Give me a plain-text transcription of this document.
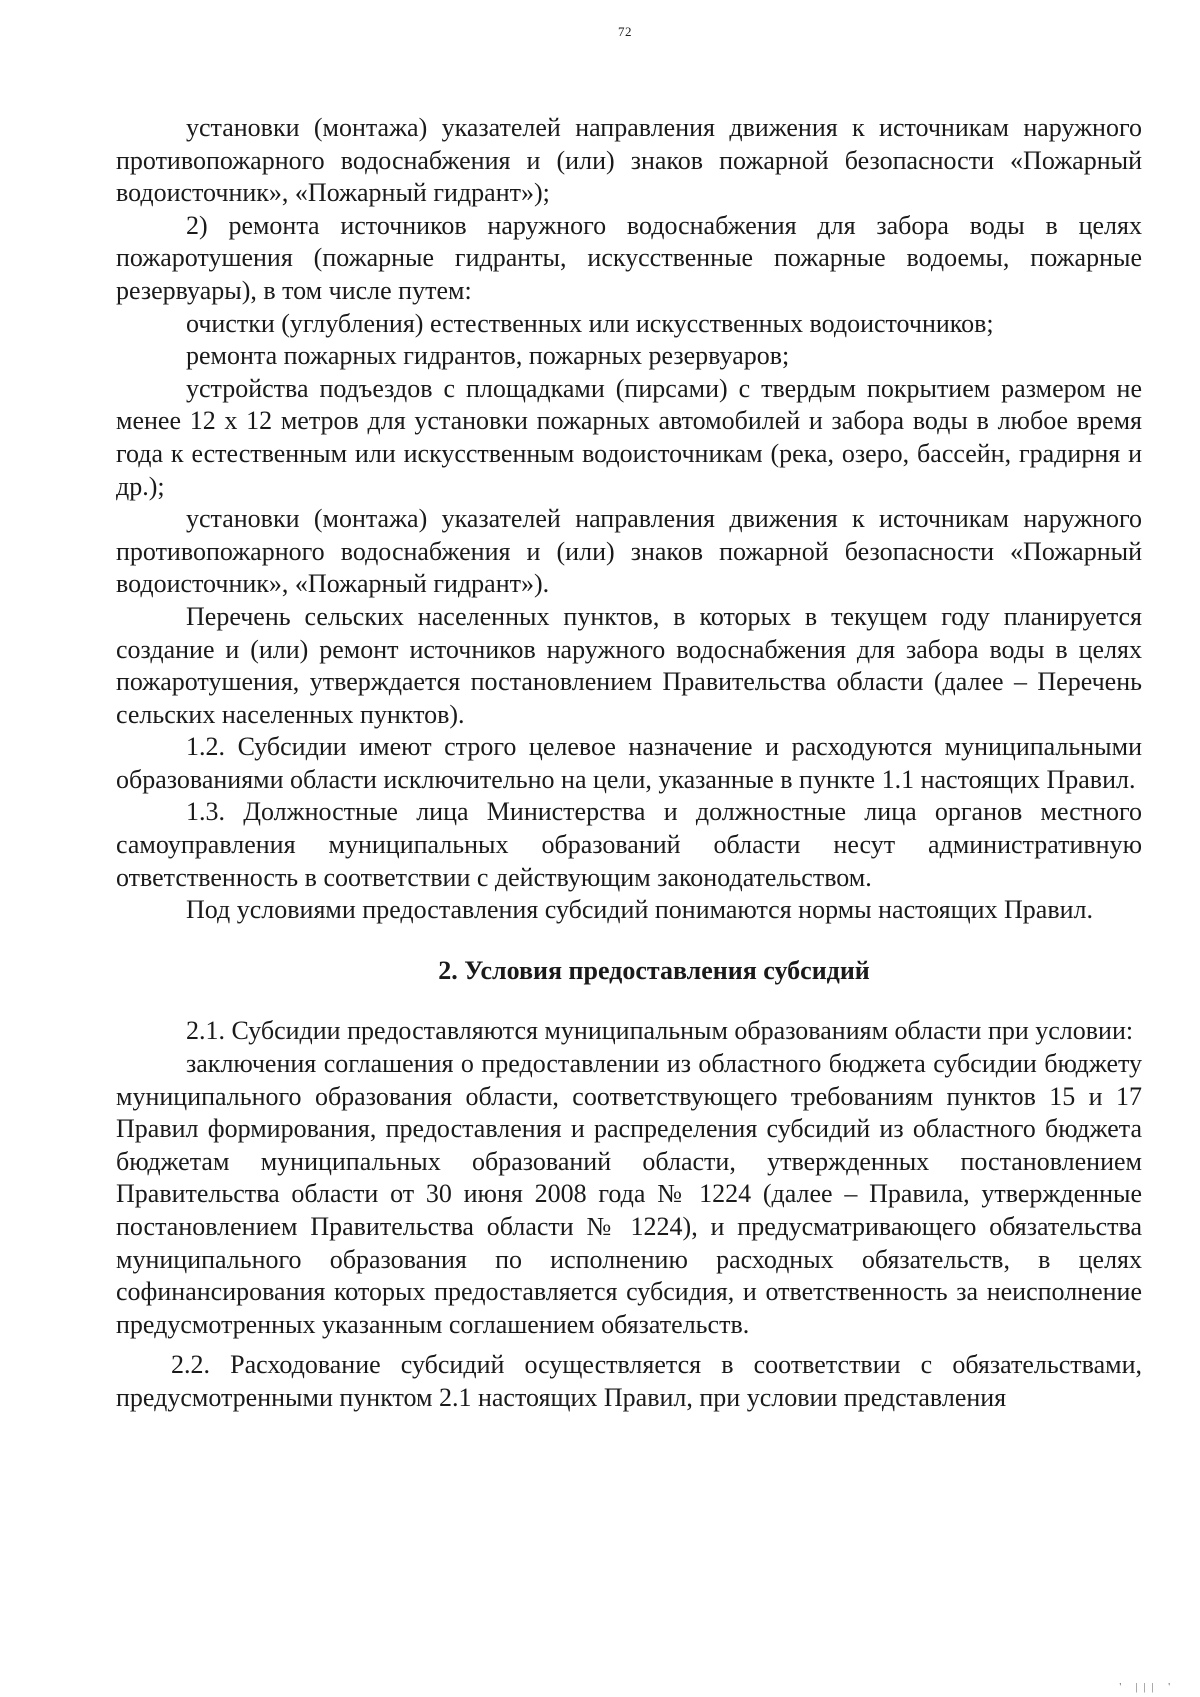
72

установки (монтажа) указателей направления движения к источникам наружного противопожарного водоснабжения и (или) знаков пожарной безопасности «Пожарный водоисточник», «Пожарный гидрант»);

2) ремонта источников наружного водоснабжения для забора воды в целях пожаротушения (пожарные гидранты, искусственные пожарные водоемы, пожарные резервуары), в том числе путем:

очистки (углубления) естественных или искусственных водоисточников;

ремонта пожарных гидрантов, пожарных резервуаров;

устройства подъездов с площадками (пирсами) с твердым покрытием размером не менее 12 х 12 метров для установки пожарных автомобилей и забора воды в любое время года к естественным или искусственным водоисточникам (река, озеро, бассейн, градирня и др.);

установки (монтажа) указателей направления движения к источникам наружного противопожарного водоснабжения и (или) знаков пожарной безопасности «Пожарный водоисточник», «Пожарный гидрант»).

Перечень сельских населенных пунктов, в которых в текущем году планируется создание и (или) ремонт источников наружного водоснабжения для забора воды в целях пожаротушения, утверждается постановлением Правительства области (далее – Перечень сельских населенных пунктов).

1.2. Субсидии имеют строго целевое назначение и расходуются муниципальными образованиями области исключительно на цели, указанные в пункте 1.1 настоящих Правил.

1.3. Должностные лица Министерства и должностные лица органов местного самоуправления муниципальных образований области несут административную ответственность в соответствии с действующим законодательством.

Под условиями предоставления субсидий понимаются нормы настоящих Правил.

2. Условия предоставления субсидий

2.1. Субсидии предоставляются муниципальным образованиям области при условии:

заключения соглашения о предоставлении из областного бюджета субсидии бюджету муниципального образования области, соответствующего требованиям пунктов 15 и 17 Правил формирования, предоставления и распределения субсидий из областного бюджета бюджетам муниципальных образований области, утвержденных постановлением Правительства области от 30 июня 2008 года № 1224 (далее – Правила, утвержденные постановлением Правительства области № 1224), и предусматривающего обязательства муниципального образования по исполнению расходных обязательств, в целях софинансирования которых предоставляется субсидия, и ответственность за неисполнение предусмотренных указанным соглашением обязательств.

2.2. Расходование субсидий осуществляется в соответствии с обязательствами, предусмотренными пунктом 2.1 настоящих Правил, при условии представления

' ||| '
